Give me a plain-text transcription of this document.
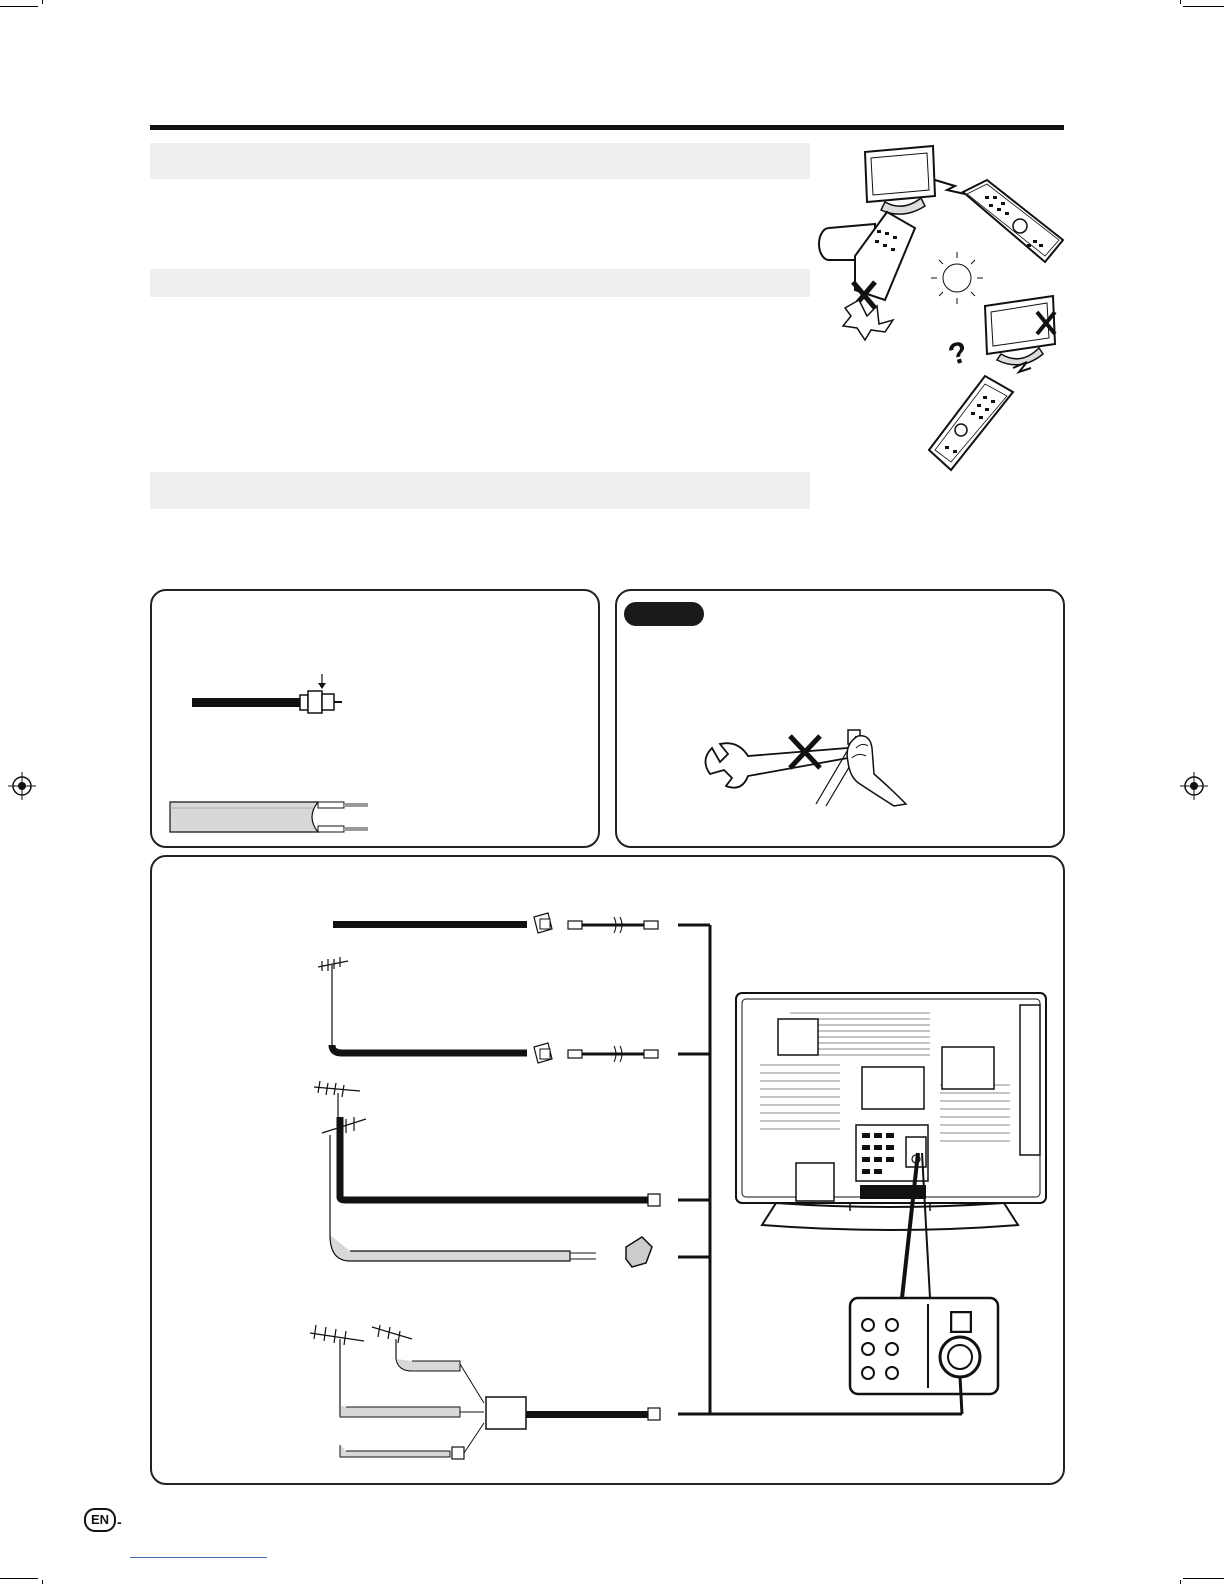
?
EN -
